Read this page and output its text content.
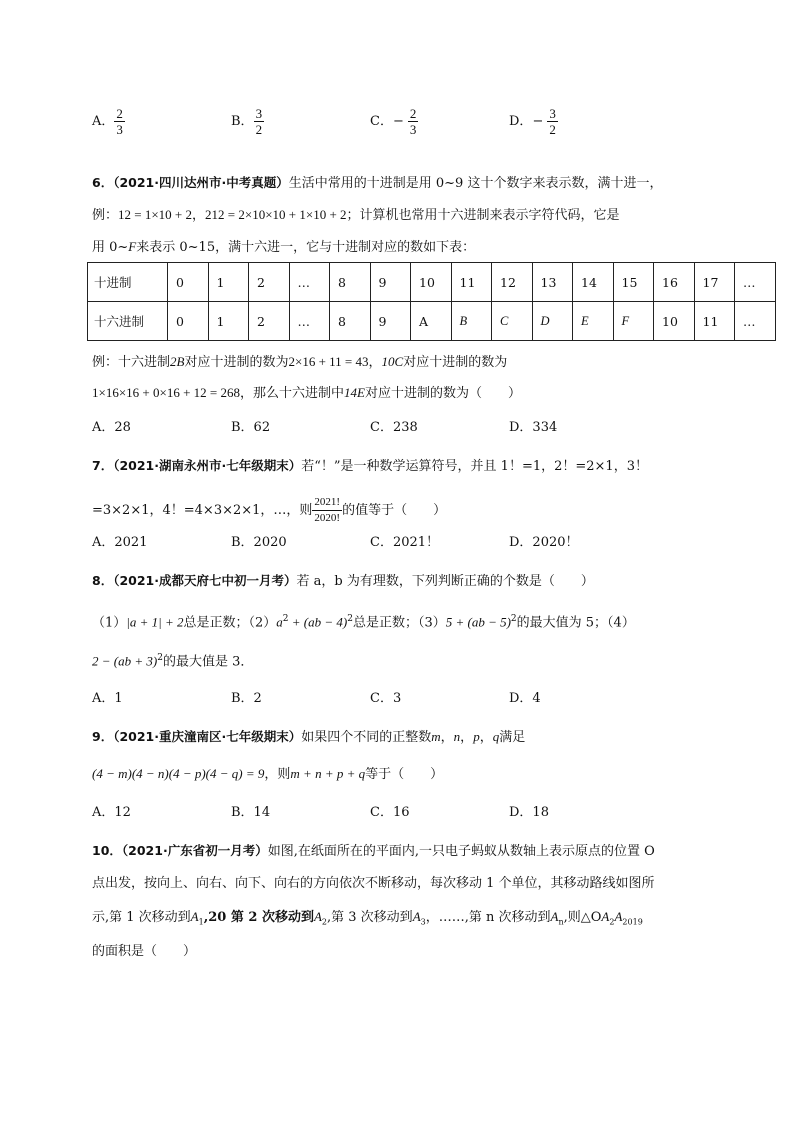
A． $\frac{2}{3}$	B． $\frac{3}{2}$	C．− $\frac{2}{3}$	D．− $\frac{3}{2}$
6．（2021·四川达州市·中考真题）生活中常用的十进制是用 0~9 这十个数字来表示数，满十进一，
例：12 = 1×10 + 2，212 = 2×10×10 + 1×10 + 2；计算机也常用十六进制来表示字符代码，它是
用 0~F来表示 0~15，满十六进一，它与十进制对应的数如下表：
十进制	0	1	2	…	8	9	10	11	12	13	14	15	16	17	…
十六进制	0	1	2	…	8	9	A	B	C	D	E	F	10	11	…
例：十六进制2B对应十进制的数为2×16 + 11 = 43，10C对应十进制的数为
1×16×16 + 0×16 + 12 = 268，那么十六进制中14E对应十进制的数为（　　）
A．28	B．62	C．238	D．334
7．（2021·湖南永州市·七年级期末）若“！”是一种数学运算符号，并且 1！=1，2！=2×1，3！
=3×2×1，4！=4×3×2×1，…，则 $\frac{2021!}{2020!}$ 的值等于（　　）
A．2021	B．2020	C．2021！	D．2020！
8．（2021·成都天府七中初一月考）若 a，b 为有理数，下列判断正确的个数是（　　）
（1）|a + 1| + 2总是正数；$(2)a^2 + (ab - 4)^2$总是正数；（3）5 + (ab − 5)$^2$的最大值为 5；（4）
2 − (ab + 3)$^2$的最大值是 3．
A．1	B．2	C．3	D．4
9．（2021·重庆潼南区·七年级期末）如果四个不同的正整数m，n，p，q满足
(4 − m)(4 − n)(4 − p)(4 − q) = 9，则m + n + p + q等于（　　）
A．12	B．14	C．16	D．18
10．（2021·广东省初一月考）如图,在纸面所在的平面内,一只电子蚂蚁从数轴上表示原点的位置 O
点出发，按向上、向右、向下、向右的方向依次不断移动，每次移动 1 个单位，其移动路线如图所
示,第 1 次移动到$A_1,20$ 第 2 次移动到$A_2$,第 3 次移动到$A_3$，……,第 n 次移动到$A_n$,则$\triangle OA_2A_{2019}$
的面积是（　　）
